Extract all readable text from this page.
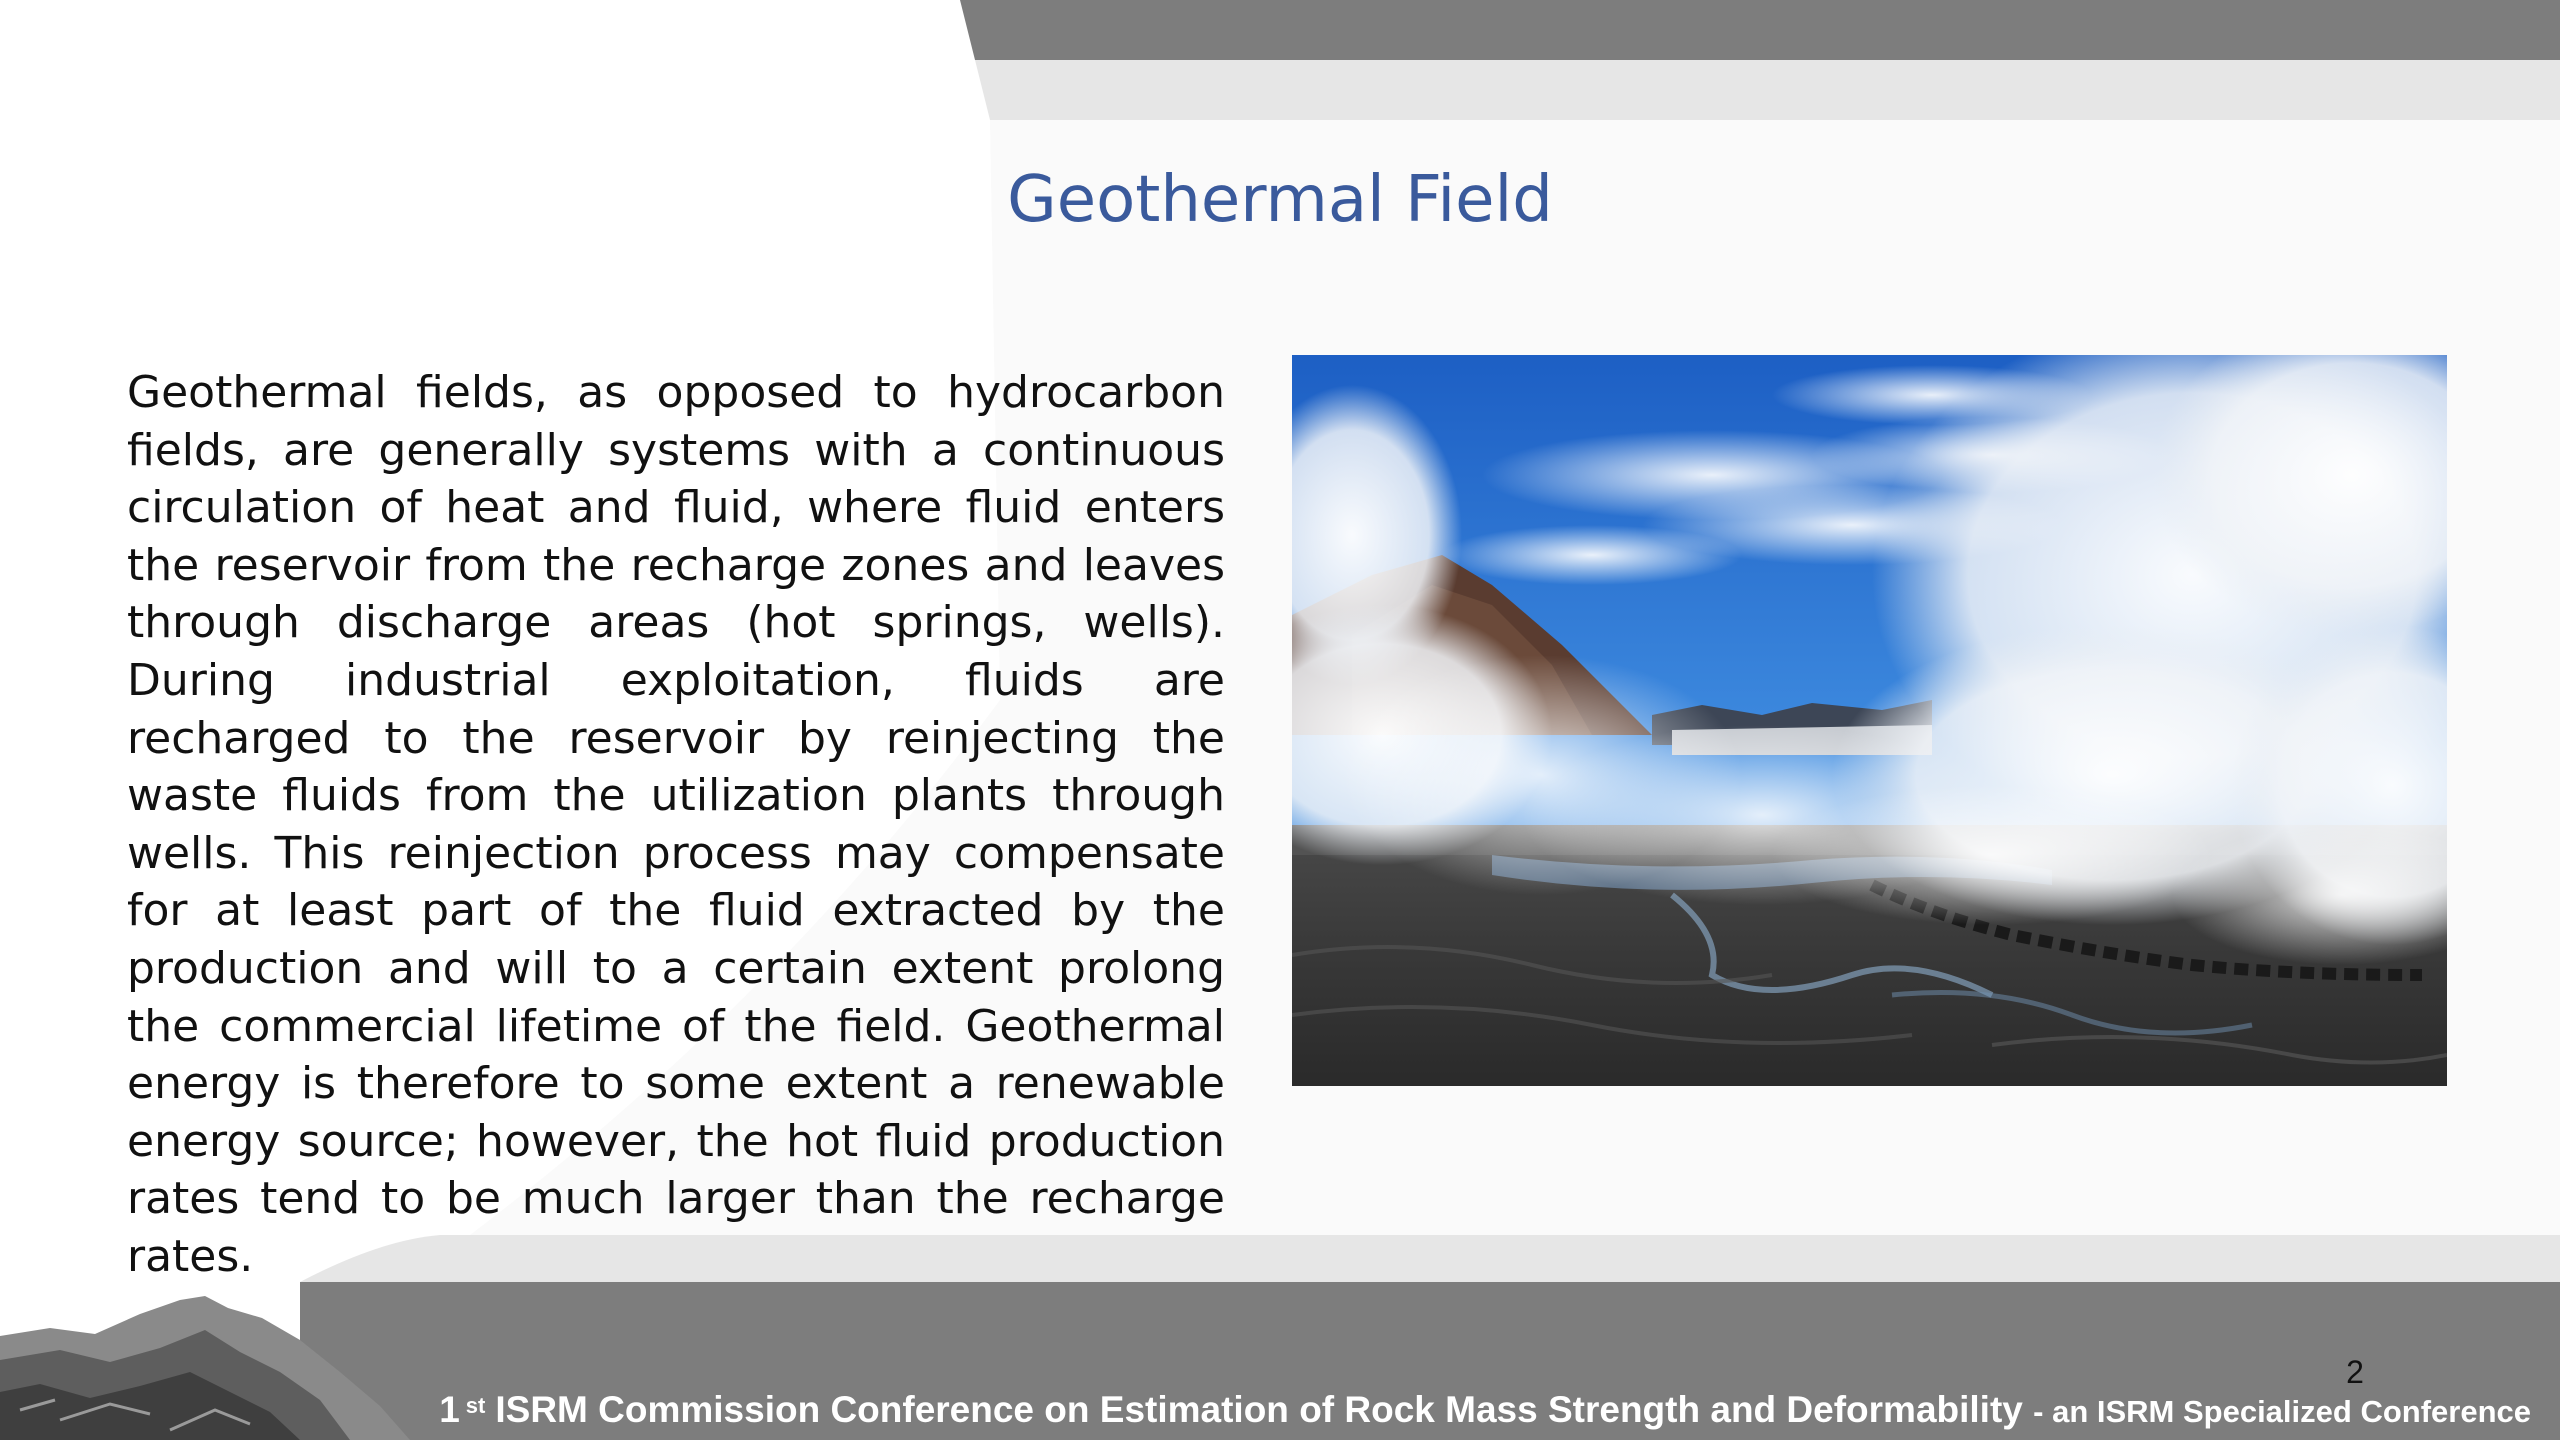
Geothermal Field

Geothermal fields, as opposed to hydrocarbon fields, are generally systems with a continuous circulation of heat and fluid, where fluid enters the reservoir from the recharge zones and leaves through discharge areas (hot springs, wells). During industrial exploitation, fluids are recharged to the reservoir by reinjecting the waste fluids from the utilization plants through wells. This reinjection process may compensate for at least part of the fluid extracted by the production and will to a certain extent prolong the commercial lifetime of the field. Geothermal energy is therefore to some extent a renewable energy source; however, the hot fluid production rates tend to be much larger than the recharge rates.

2
1 $^{st}$ ISRM Commission Conference on Estimation of Rock Mass Strength and Deformability - an ISRM Specialized Conference
